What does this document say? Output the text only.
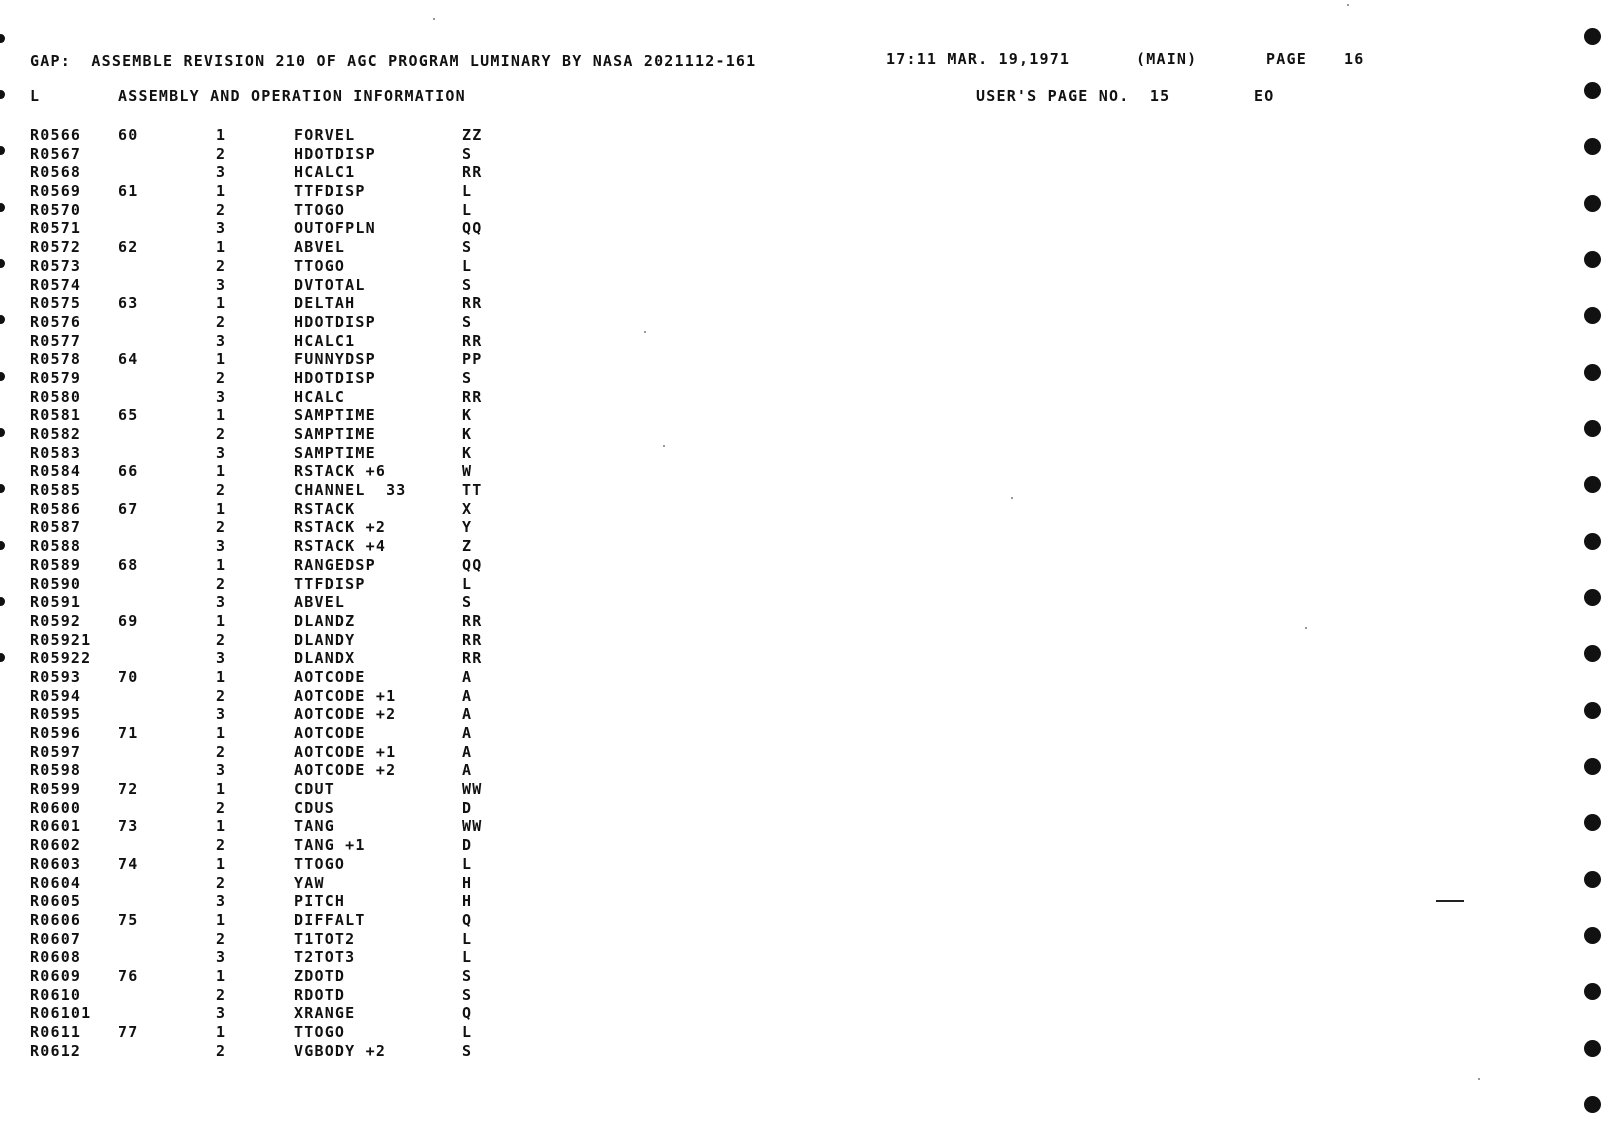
GAP:  ASSEMBLE REVISION 210 OF AGC PROGRAM LUMINARY BY NASA 2021112-161	17:11 MAR. 19,1971	(MAIN)	PAGE 16
L	ASSEMBLY AND OPERATION INFORMATION	USER'S PAGE NO.  15	EO
R0566 60	1	FORVEL	ZZ
R0567	2	HDOTDISP	S
R0568	3	HCALC1	RR
R0569 61	1	TTFDISP	L
R0570	2	TTOGO	L
R0571	3	OUTOFPLN	QQ
R0572 62	1	ABVEL	S
R0573	2	TTOGO	L
R0574	3	DVTOTAL	S
R0575 63	1	DELTAH	RR
R0576	2	HDOTDISP	S
R0577	3	HCALC1	RR
R0578 64	1	FUNNYDSP	PP
R0579	2	HDOTDISP	S
R0580	3	HCALC	RR
R0581 65	1	SAMPTIME	K
R0582	2	SAMPTIME	K
R0583	3	SAMPTIME	K
R0584 66	1	RSTACK +6	W
R0585	2	CHANNEL  33	TT
R0586 67	1	RSTACK	X
R0587	2	RSTACK +2	Y
R0588	3	RSTACK +4	Z
R0589 68	1	RANGEDSP	QQ
R0590	2	TTFDISP	L
R0591	3	ABVEL	S
R0592 69	1	DLANDZ	RR
R05921	2	DLANDY	RR
R05922	3	DLANDX	RR
R0593 70	1	AOTCODE	A
R0594	2	AOTCODE +1	A
R0595	3	AOTCODE +2	A
R0596 71	1	AOTCODE	A
R0597	2	AOTCODE +1	A
R0598	3	AOTCODE +2	A
R0599 72	1	CDUT	WW
R0600	2	CDUS	D
R0601 73	1	TANG	WW
R0602	2	TANG +1	D
R0603 74	1	TTOGO	L
R0604	2	YAW	H
R0605	3	PITCH	H
R0606 75	1	DIFFALT	Q
R0607	2	T1TOT2	L
R0608	3	T2TOT3	L
R0609 76	1	ZDOTD	S
R0610	2	RDOTD	S
R06101	3	XRANGE	Q
R0611 77	1	TTOGO	L
R0612	2	VGBODY +2	S
